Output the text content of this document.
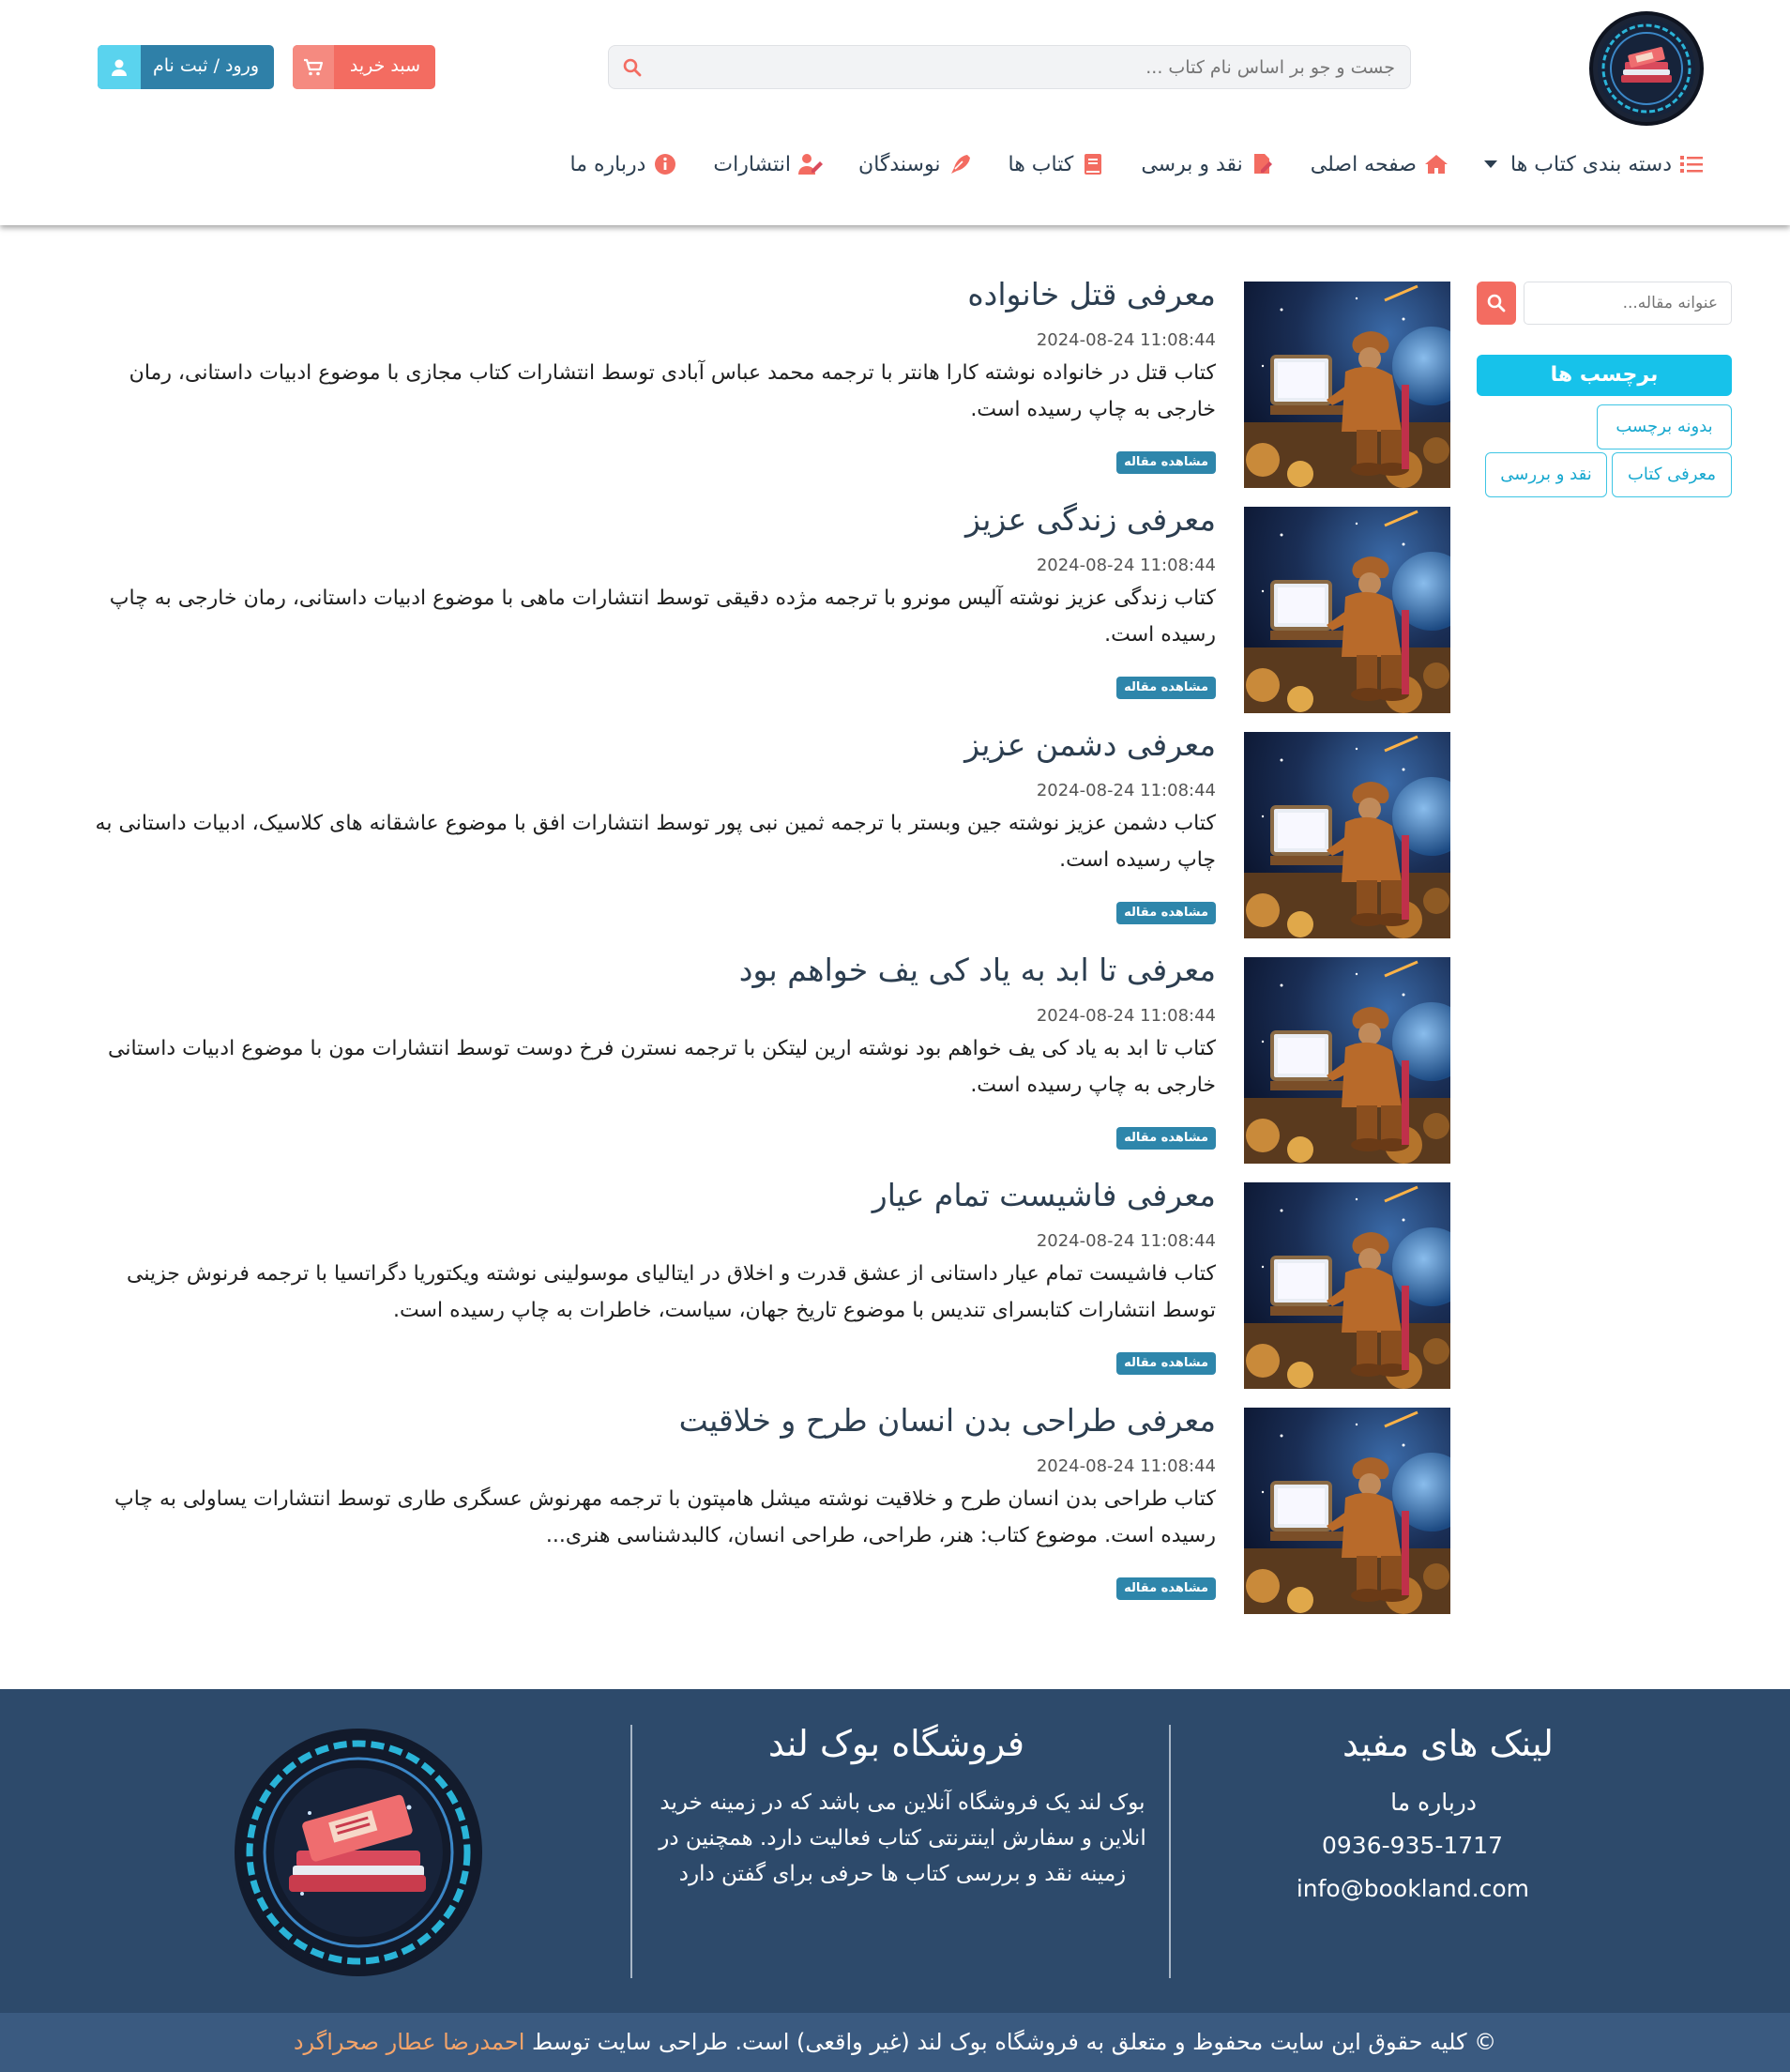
جست و جو بر اساس نام کتاب ...
سبد خرید
ورود / ثبت نام
دسته بندی کتاب ها
صفحه اصلی
نقد و برسی
کتاب ها
نوسندگان
انتشارات
درباره ما
عنوانه مقاله...
برچسب ها
بدونه برچسب
معرفی کتاب
نقد و بررسی
معرفی قتل خانواده
2024-08-24 11:08:44
کتاب قتل در خانواده نوشته کارا هانتر با ترجمه محمد عباس آبادی توسط انتشارات کتاب مجازی با موضوع ادبیات داستانی، رمان خارجی به چاپ رسیده است.
مشاهده مقاله
معرفی زندگی عزیز
2024-08-24 11:08:44
کتاب زندگی عزیز نوشته آلیس مونرو با ترجمه مژده دقیقی توسط انتشارات ماهی با موضوع ادبیات داستانی، رمان خارجی به چاپ رسیده است.
مشاهده مقاله
معرفی دشمن عزیز
2024-08-24 11:08:44
کتاب دشمن عزیز نوشته جین وبستر با ترجمه ثمین نبی پور توسط انتشارات افق با موضوع عاشقانه های کلاسیک، ادبیات داستانی به چاپ رسیده است.
مشاهده مقاله
معرفی تا ابد به یاد کی یف خواهم بود
2024-08-24 11:08:44
کتاب تا ابد به یاد کی یف خواهم بود نوشته ارین لیتکن با ترجمه نسترن فرخ دوست توسط انتشارات مون با موضوع ادبیات داستانی خارجی به چاپ رسیده است.
مشاهده مقاله
معرفی فاشیست تمام عیار
2024-08-24 11:08:44
کتاب فاشیست تمام عیار داستانی از عشق قدرت و اخلاق در ایتالیای موسولینی نوشته ویکتوریا دگراتسیا با ترجمه فرنوش جزینی توسط انتشارات کتابسرای تندیس با موضوع تاریخ جهان، سیاست، خاطرات به چاپ رسیده است.
مشاهده مقاله
معرفی طراحی بدن انسان طرح و خلاقیت
2024-08-24 11:08:44
کتاب طراحی بدن انسان طرح و خلاقیت نوشته میشل هامپتون با ترجمه مهرنوش عسگری طاری توسط انتشارات یساولی به چاپ رسیده است. موضوع کتاب: هنر، طراحی، طراحی انسان، کالبدشناسی هنری...
مشاهده مقاله
لینک های مفید
درباره ما
0936-935-1717
info@bookland.com
فروشگاه بوک لند
بوک لند یک فروشگاه آنلاین می باشد که در زمینه خرید انلاین و سفارش اینترنتی کتاب فعالیت دارد. همچنین در زمینه نقد و بررسی کتاب ها حرفی برای گفتن دارد
© کلیه حقوق این سایت محفوظ و متعلق به فروشگاه بوک لند (غیر واقعی) است. طراحی سایت توسط احمدرضا عطار صحراگرد
